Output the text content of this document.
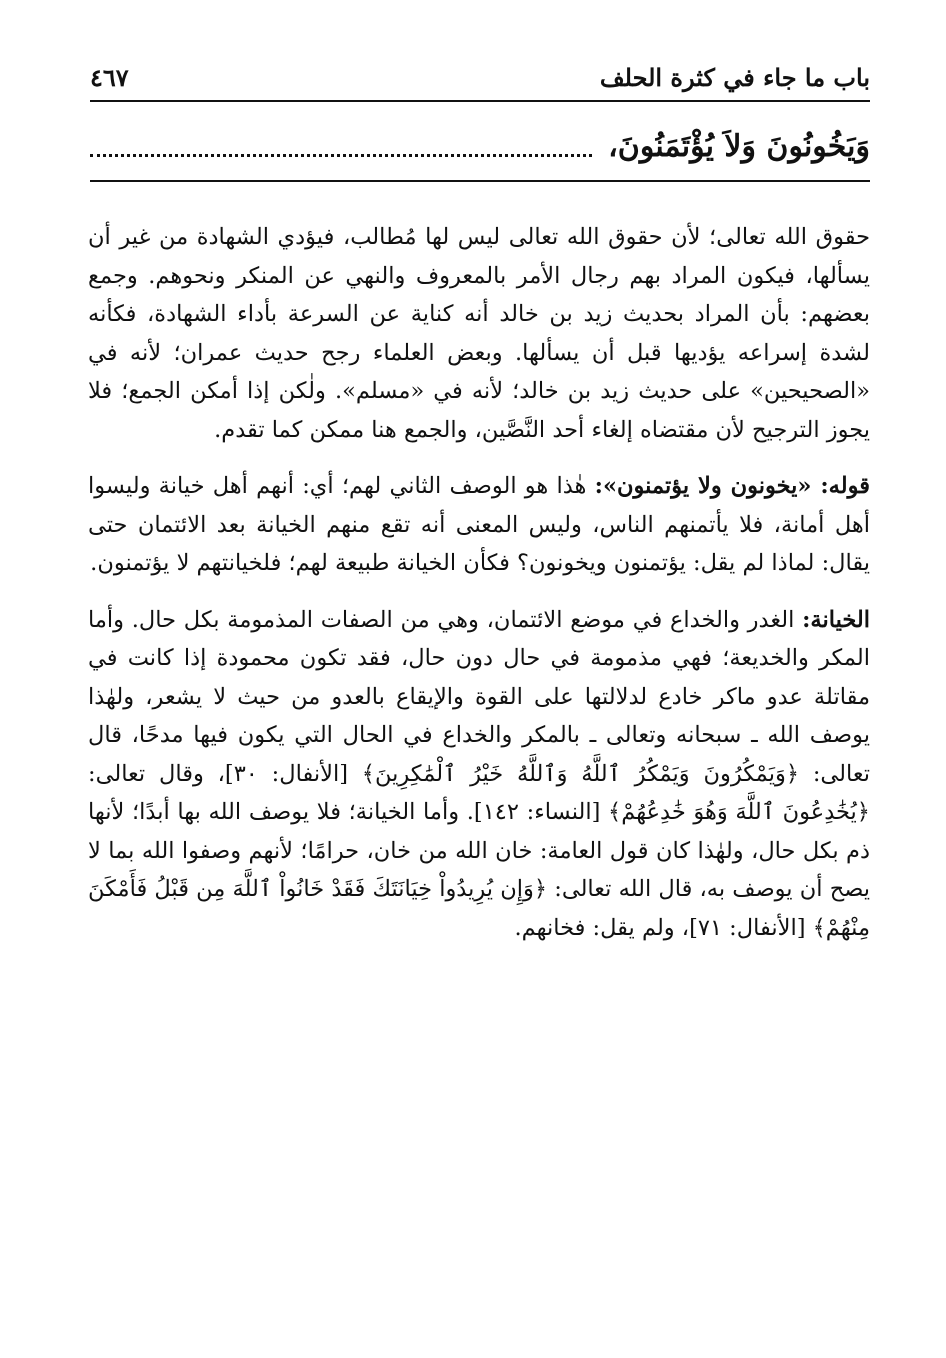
باب ما جاء في كثرة الحلف
٤٦٧
وَيَخُونُونَ وَلاَ يُؤْتَمَنُونَ،

حقوق الله تعالى؛ لأن حقوق الله تعالى ليس لها مُطالب، فيؤدي الشهادة من غير أن يسألها، فيكون المراد بهم رجال الأمر بالمعروف والنهي عن المنكر ونحوهم. وجمع بعضهم: بأن المراد بحديث زيد بن خالد أنه كناية عن السرعة بأداء الشهادة، فكأنه لشدة إسراعه يؤديها قبل أن يسألها. وبعض العلماء رجح حديث عمران؛ لأنه في «الصحيحين» على حديث زيد بن خالد؛ لأنه في «مسلم». ولٰكن إذا أمكن الجمع؛ فلا يجوز الترجيح لأن مقتضاه إلغاء أحد النَّصَّين، والجمع هنا ممكن كما تقدم.

قوله: «يخونون ولا يؤتمنون»: هٰذا هو الوصف الثاني لهم؛ أي: أنهم أهل خيانة وليسوا أهل أمانة، فلا يأتمنهم الناس، وليس المعنى أنه تقع منهم الخيانة بعد الائتمان حتى يقال: لماذا لم يقل: يؤتمنون ويخونون؟ فكأن الخيانة طبيعة لهم؛ فلخيانتهم لا يؤتمنون.

الخيانة: الغدر والخداع في موضع الائتمان، وهي من الصفات المذمومة بكل حال. وأما المكر والخديعة؛ فهي مذمومة في حال دون حال، فقد تكون محمودة إذا كانت في مقاتلة عدو ماكر خادع لدلالتها على القوة والإيقاع بالعدو من حيث لا يشعر، ولهٰذا يوصف الله ـ سبحانه وتعالى ـ بالمكر والخداع في الحال التي يكون فيها مدحًا، قال تعالى: ﴿وَيَمْكُرُونَ وَيَمْكُرُ ٱللَّهُ وَٱللَّهُ خَيْرُ ٱلْمَٰكِرِينَ﴾ [الأنفال: ٣٠]، وقال تعالى: ﴿يُخَٰدِعُونَ ٱللَّهَ وَهُوَ خَٰدِعُهُمْ﴾ [النساء: ١٤٢]. وأما الخيانة؛ فلا يوصف الله بها أبدًا؛ لأنها ذم بكل حال، ولهٰذا كان قول العامة: خان الله من خان، حرامًا؛ لأنهم وصفوا الله بما لا يصح أن يوصف به، قال الله تعالى: ﴿وَإِن يُرِيدُواْ خِيَانَتَكَ فَقَدْ خَانُواْ ٱللَّهَ مِن قَبْلُ فَأَمْكَنَ مِنْهُمْ﴾ [الأنفال: ٧١]، ولم يقل: فخانهم.
